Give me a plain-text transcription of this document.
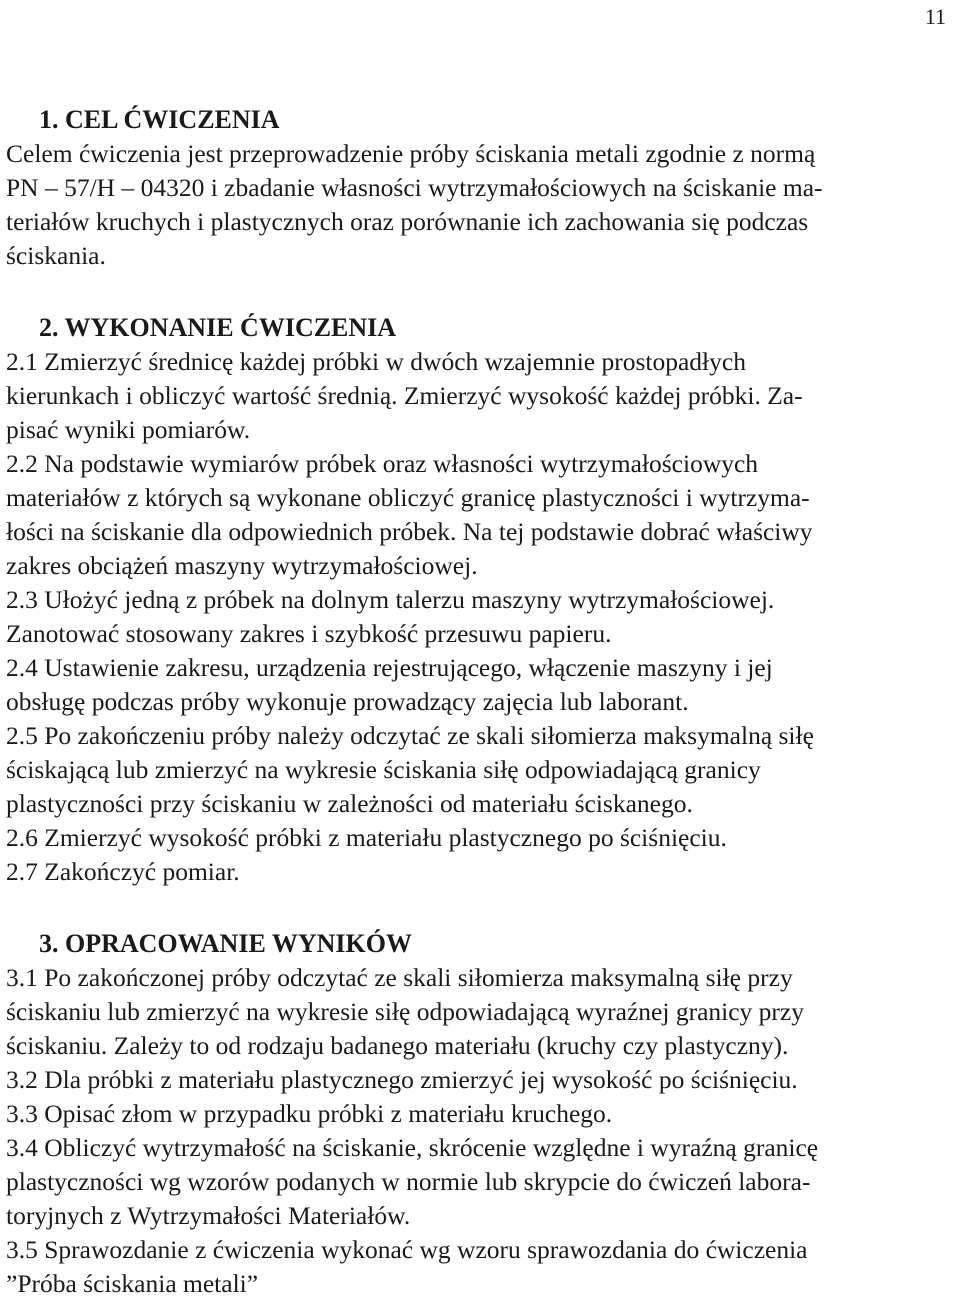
11
1. CEL ĆWICZENIA

Celem ćwiczenia jest przeprowadzenie próby ściskania metali zgodnie z normą
PN – 57/H – 04320 i zbadanie własności wytrzymałościowych na ściskanie ma-
teriałów kruchych i plastycznych oraz porównanie ich zachowania się podczas
ściskania.

2. WYKONANIE ĆWICZENIA

2.1 Zmierzyć średnicę każdej próbki w dwóch wzajemnie prostopadłych
kierunkach i obliczyć wartość średnią. Zmierzyć wysokość każdej próbki. Za-
pisać wyniki pomiarów.
2.2 Na podstawie wymiarów próbek oraz własności wytrzymałościowych
materiałów z których są wykonane obliczyć granicę plastyczności i wytrzyma-
łości na ściskanie dla odpowiednich próbek. Na tej podstawie dobrać właściwy
zakres obciążeń maszyny wytrzymałościowej.
2.3 Ułożyć jedną z próbek na dolnym talerzu maszyny wytrzymałościowej.
Zanotować stosowany zakres i szybkość przesuwu papieru.
2.4 Ustawienie zakresu, urządzenia rejestrującego, włączenie maszyny i jej
obsługę podczas próby wykonuje prowadzący zajęcia lub laborant.
2.5 Po zakończeniu próby należy odczytać ze skali siłomierza maksymalną siłę
ściskającą lub zmierzyć na wykresie ściskania siłę odpowiadającą granicy
plastyczności przy ściskaniu w zależności od materiału ściskanego.
2.6 Zmierzyć wysokość próbki z materiału plastycznego po ściśnięciu.
2.7 Zakończyć pomiar.

3. OPRACOWANIE WYNIKÓW

3.1 Po zakończonej próby odczytać ze skali siłomierza maksymalną siłę przy
ściskaniu lub zmierzyć na wykresie siłę odpowiadającą wyraźnej granicy przy
ściskaniu. Zależy to od rodzaju badanego materiału (kruchy czy plastyczny).
3.2 Dla próbki z materiału plastycznego zmierzyć jej wysokość po ściśnięciu.
3.3 Opisać złom w przypadku próbki z materiału kruchego.
3.4 Obliczyć wytrzymałość na ściskanie, skrócenie względne i wyraźną granicę
plastyczności wg wzorów podanych w normie lub skrypcie do ćwiczeń labora-
toryjnych z Wytrzymałości Materiałów.
3.5 Sprawozdanie z ćwiczenia wykonać wg wzoru sprawozdania do ćwiczenia
”Próba ściskania metali”
